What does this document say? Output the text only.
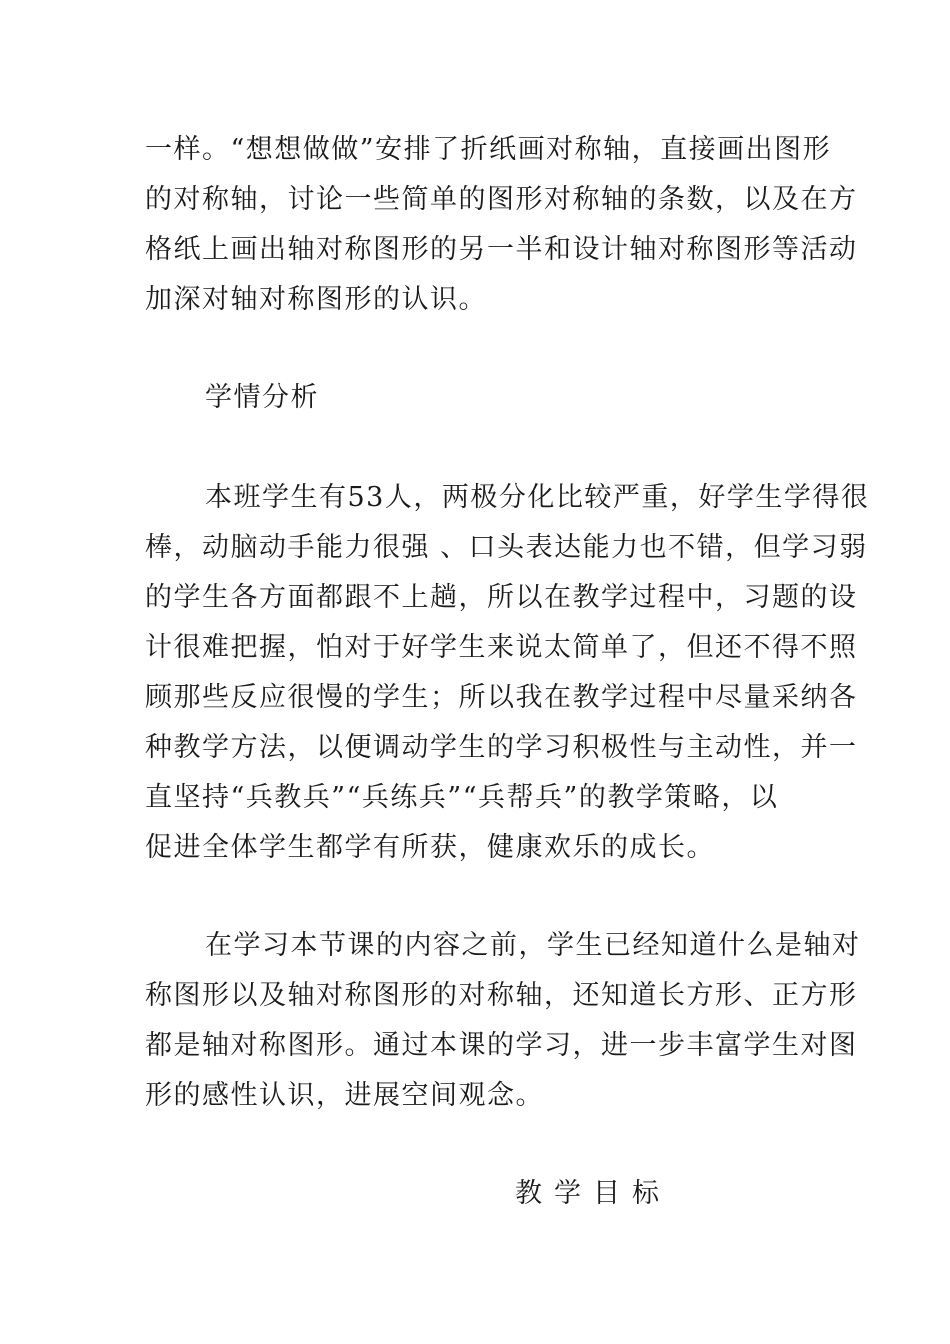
一样。“想想做做”安排了折纸画对称轴，直接画出图形

的对称轴，讨论一些简单的图形对称轴的条数，以及在方

格纸上画出轴对称图形的另一半和设计轴对称图形等活动

加深对轴对称图形的认识。

学情分析

本班学生有53人，两极分化比较严重，好学生学得很

棒，动脑动手能力很强 、口头表达能力也不错，但学习弱

的学生各方面都跟不上趟，所以在教学过程中，习题的设

计很难把握，怕对于好学生来说太简单了，但还不得不照

顾那些反应很慢的学生；所以我在教学过程中尽量采纳各

种教学方法，以便调动学生的学习积极性与主动性，并一

直坚持“兵教兵”“兵练兵”“兵帮兵”的教学策略，以

促进全体学生都学有所获，健康欢乐的成长。

在学习本节课的内容之前，学生已经知道什么是轴对

称图形以及轴对称图形的对称轴，还知道长方形、正方形

都是轴对称图形。通过本课的学习，进一步丰富学生对图

形的感性认识，进展空间观念。

教学目标
